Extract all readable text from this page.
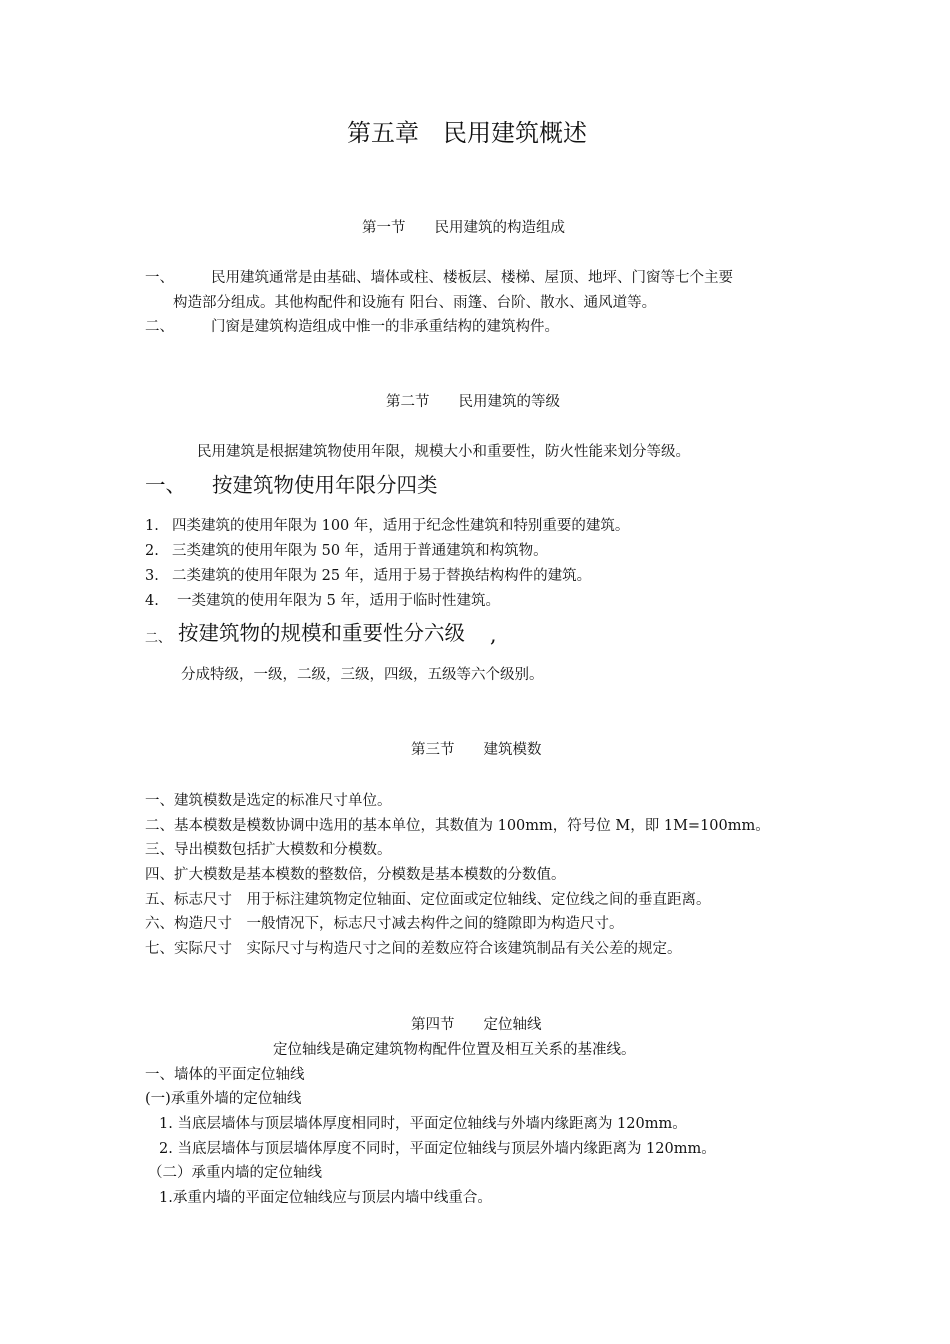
第五章　民用建筑概述
第一节　　民用建筑的构造组成
一、	民用建筑通常是由基础、墙体或柱、楼板层、楼梯、屋顶、地坪、门窗等七个主要
构造部分组成。其他构配件和设施有 阳台、雨篷、台阶、散水、通风道等。
二、	门窗是建筑构造组成中惟一的非承重结构的建筑构件。
第二节　　民用建筑的等级
民用建筑是根据建筑物使用年限，规模大小和重要性，防火性能来划分等级。
一、 按建筑物使用年限分四类
1. 四类建筑的使用年限为 100 年，适用于纪念性建筑和特别重要的建筑。
2. 三类建筑的使用年限为 50 年，适用于普通建筑和构筑物。
3. 二类建筑的使用年限为 25 年，适用于易于替换结构构件的建筑。
4. 一类建筑的使用年限为 5 年，适用于临时性建筑。
二、 按建筑物的规模和重要性分六级 ,
分成特级，一级，二级，三级，四级，五级等六个级别。
第三节　　建筑模数
一、建筑模数是选定的标准尺寸单位。
二、基本模数是模数协调中选用的基本单位，其数值为 100mm，符号位 M，即 1M=100mm。
三、导出模数包括扩大模数和分模数。
四、扩大模数是基本模数的整数倍，分模数是基本模数的分数值。
五、标志尺寸　用于标注建筑物定位轴面、定位面或定位轴线、定位线之间的垂直距离。
六、构造尺寸　一般情况下，标志尺寸减去构件之间的缝隙即为构造尺寸。
七、实际尺寸　实际尺寸与构造尺寸之间的差数应符合该建筑制品有关公差的规定。
第四节　　定位轴线
定位轴线是确定建筑物构配件位置及相互关系的基准线。
一、墙体的平面定位轴线
(一)承重外墙的定位轴线
1. 当底层墙体与顶层墙体厚度相同时，平面定位轴线与外墙内缘距离为 120mm。
2. 当底层墙体与顶层墙体厚度不同时，平面定位轴线与顶层外墙内缘距离为 120mm。
（二）承重内墙的定位轴线
1.承重内墙的平面定位轴线应与顶层内墙中线重合。
